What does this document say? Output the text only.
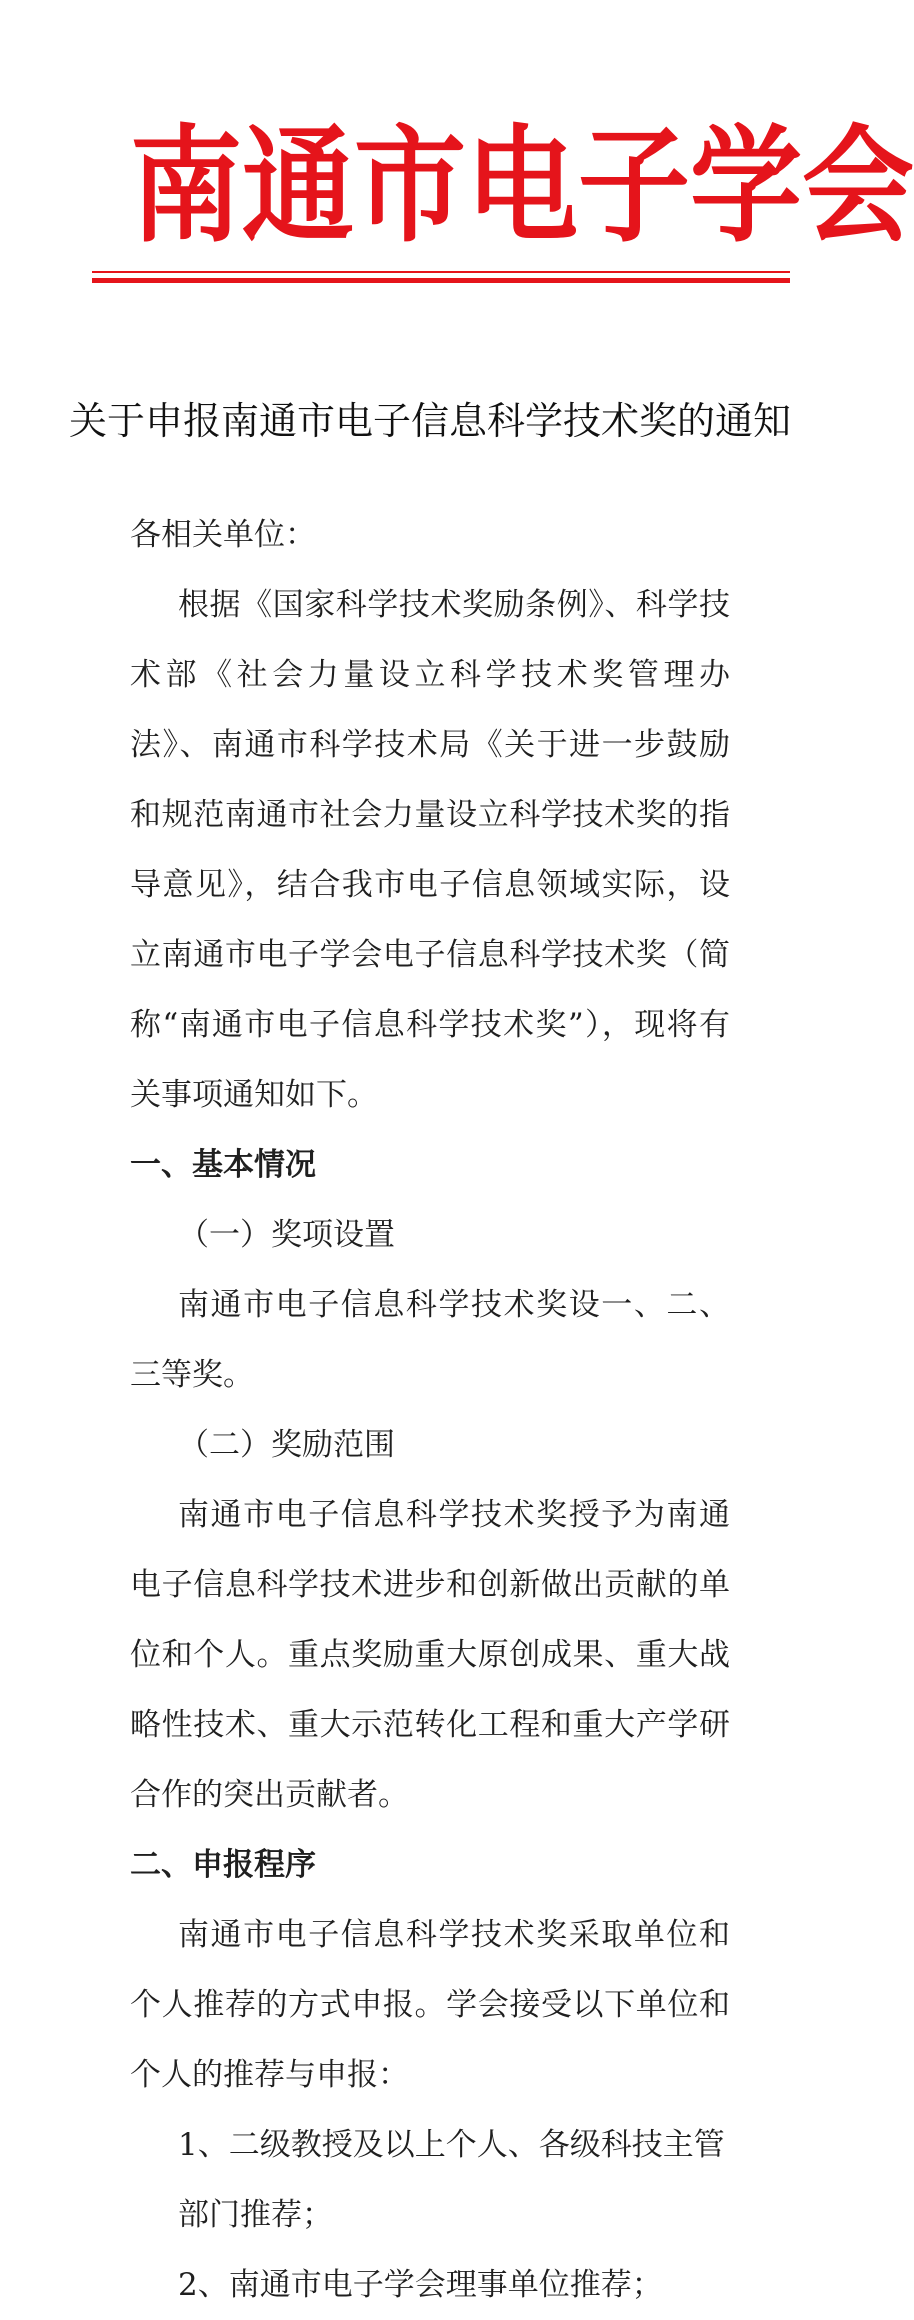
南 通 市 电 子 学 会
关于申报南通市电子信息科学技术奖的通知

各相关单位：

根据《国家科学技术奖励条例》、科学技术部《社会力量设立科学技术奖管理办法》、南通市科学技术局《关于进一步鼓励和规范南通市社会力量设立科学技术奖的指导意见》，结合我市电子信息领域实际，设立南通市电子学会电子信息科学技术奖（简称“南通市电子信息科学技术奖”），现将有关事项通知如下。

一、基本情况

（一）奖项设置

南通市电子信息科学技术奖设一、二、三等奖。

（二）奖励范围

南通市电子信息科学技术奖授予为南通电子信息科学技术进步和创新做出贡献的单位和个人。重点奖励重大原创成果、重大战略性技术、重大示范转化工程和重大产学研合作的突出贡献者。

二、申报程序

南通市电子信息科学技术奖采取单位和个人推荐的方式申报。学会接受以下单位和个人的推荐与申报：

1、二级教授及以上个人、各级科技主管部门推荐；

2、南通市电子学会理事单位推荐；
